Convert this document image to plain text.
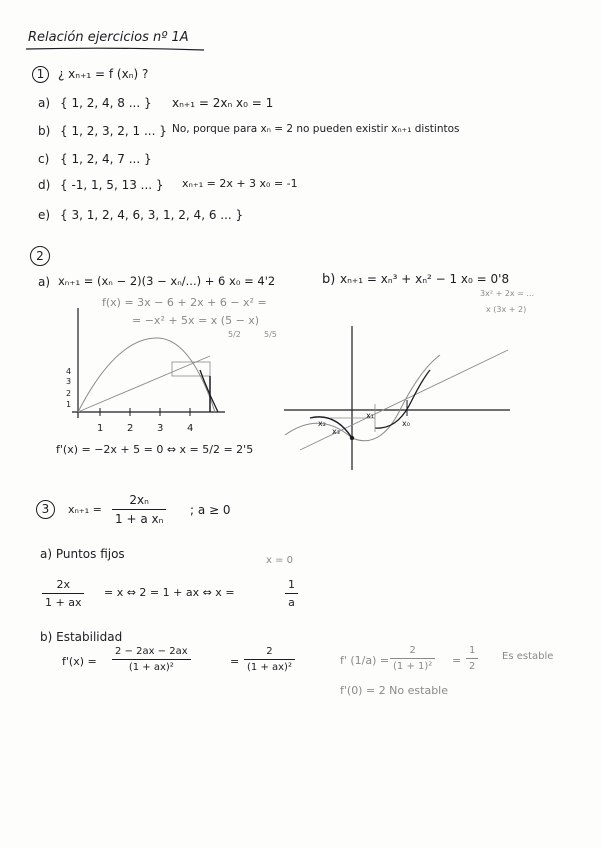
Relación ejercicios nº 1A
1	¿ xₙ₊₁ = f (xₙ) ?
a) { 1, 2, 4, 8 ... } xₙ₊₁ = 2xₙ x₀ = 1
b) { 1, 2, 3, 2, 1 ... } No, porque para xₙ = 2 no pueden existir xₙ₊₁ distintos
c) { 1, 2, 4, 7 ... }
d) { -1, 1, 5, 13 ... } xₙ₊₁ = 2x + 3 x₀ = -1
e) { 3, 1, 2, 4, 6, 3, 1, 2, 4, 6 ... }
2
a) xₙ₊₁ = (xₙ − 2)(3 − xₙ/...) + 6 x₀ = 4'2
f(x) = 3x − 6 + 2x + 6 − x² =
= −x² + 5x = x (5 − x)
5/2	5/5
4
3
2
1
1 2 3 4
f'(x) = −2x + 5 = 0 ⇔ x = 5/2 = 2'5
b) xₙ₊₁ = xₙ³ + xₙ² − 1 x₀ = 0'8
3x² + 2x = ...
x (3x + 2)
x₀
x₁
x₂
x₃
3	$x_{n+1} = \frac{\text{2xₙ}}{\text{1 + a xₙ}}$ ; a ≥ 0
a) Puntos fijos	x = 0
$\frac{2x}{1 + ax} = x$ ⇔ 2 = 1 + ax ⇔ x =	$\frac{1}{a}$
b) Estabilidad
$f'(x) = \frac{2 - 2ax - 2ax}{\text{(1 + ax)²}}$	= $\frac{2}{\text{(1 + ax)²}}$	f' $(1/a) = \frac{2}{\text{(1 + 1)²}} = \frac{1}{2}$ Es estable
f'(0) = 2 No estable
